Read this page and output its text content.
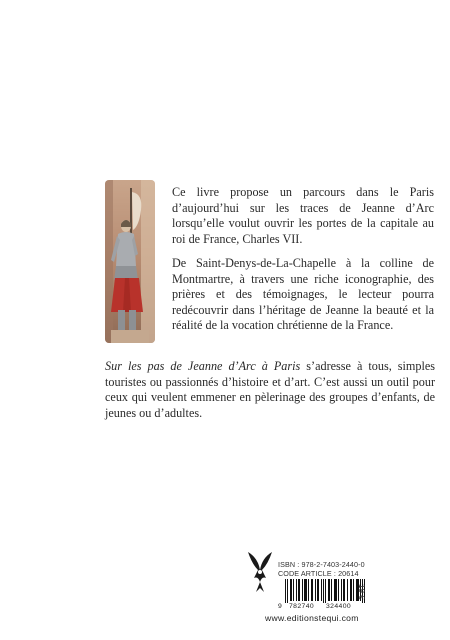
Ce livre propose un parcours dans le Paris d’aujourd’hui sur les traces de Jeanne d’Arc lorsqu’elle voulut ouvrir les portes de la capitale au roi de France, Charles VII.

De Saint-Denys-de-La-Chapelle à la colline de Montmartre, à travers une riche iconographie, des prières et des témoignages, le lecteur pourra redécouvrir dans l’héritage de Jeanne la beauté et la réalité de la vocation chrétienne de la France.

Sur les pas de Jeanne d’Arc à Paris s’adresse à tous, simples touristes ou passionnés d’histoire et d’art. C’est aussi un outil pour ceux qui veulent emmener en pèlerinage des groupes d’enfants, de jeunes ou d’adultes.

ISBN : 978-2-7403-2440-0
CODE ARTICLE : 20614
9 782740 324400
19 €
www.editionstequi.com
